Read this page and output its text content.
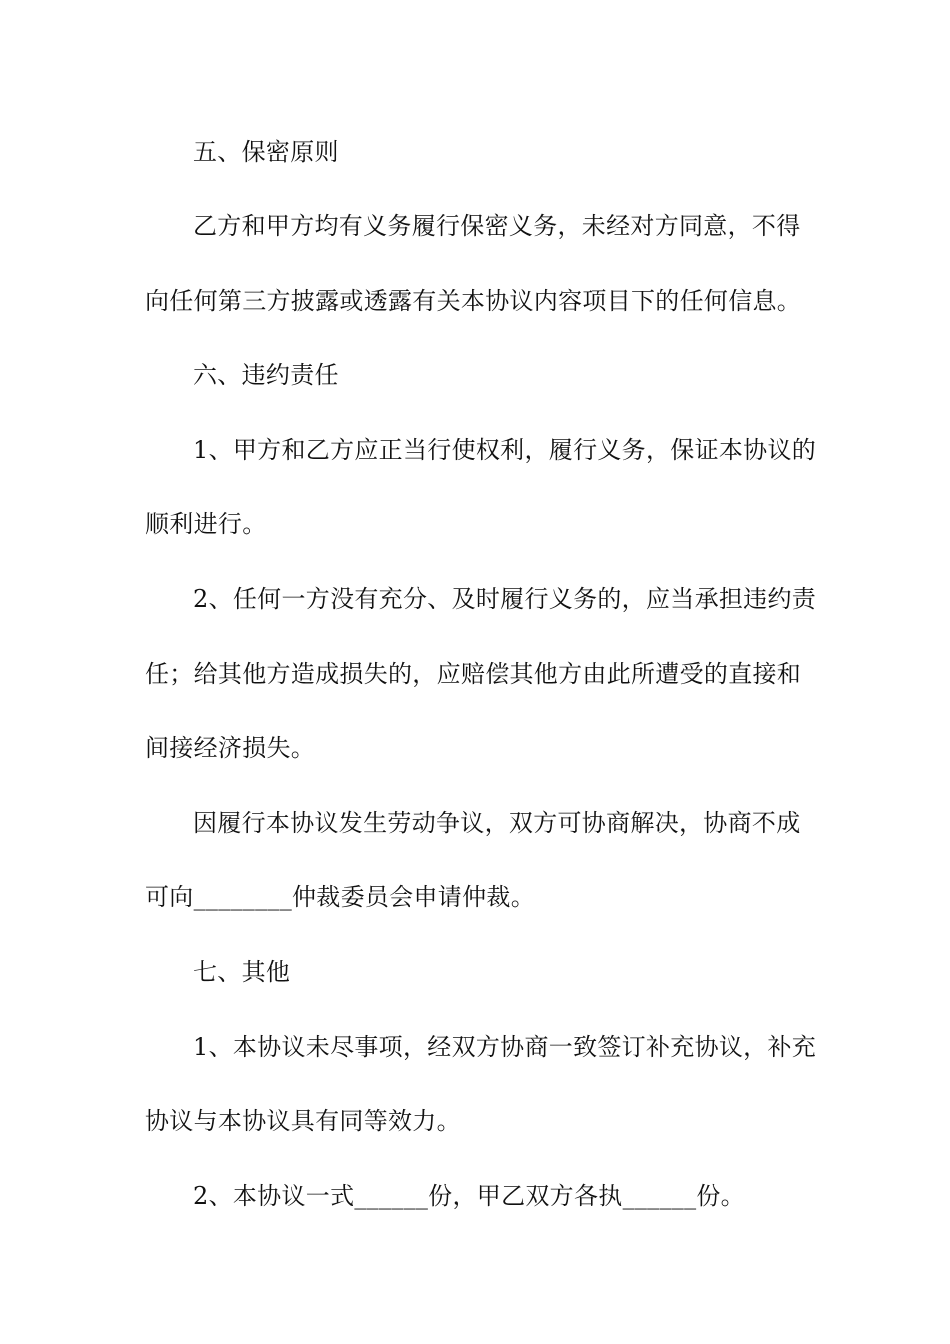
五、保密原则
乙方和甲方均有义务履行保密义务，未经对方同意，不得
向任何第三方披露或透露有关本协议内容项目下的任何信息。
六、违约责任
1、甲方和乙方应正当行使权利，履行义务，保证本协议的
顺利进行。
2、任何一方没有充分、及时履行义务的，应当承担违约责
任；给其他方造成损失的，应赔偿其他方由此所遭受的直接和
间接经济损失。
因履行本协议发生劳动争议，双方可协商解决，协商不成
可向________仲裁委员会申请仲裁。
七、其他
1、本协议未尽事项，经双方协商一致签订补充协议，补充
协议与本协议具有同等效力。
2、本协议一式______份，甲乙双方各执______份。
